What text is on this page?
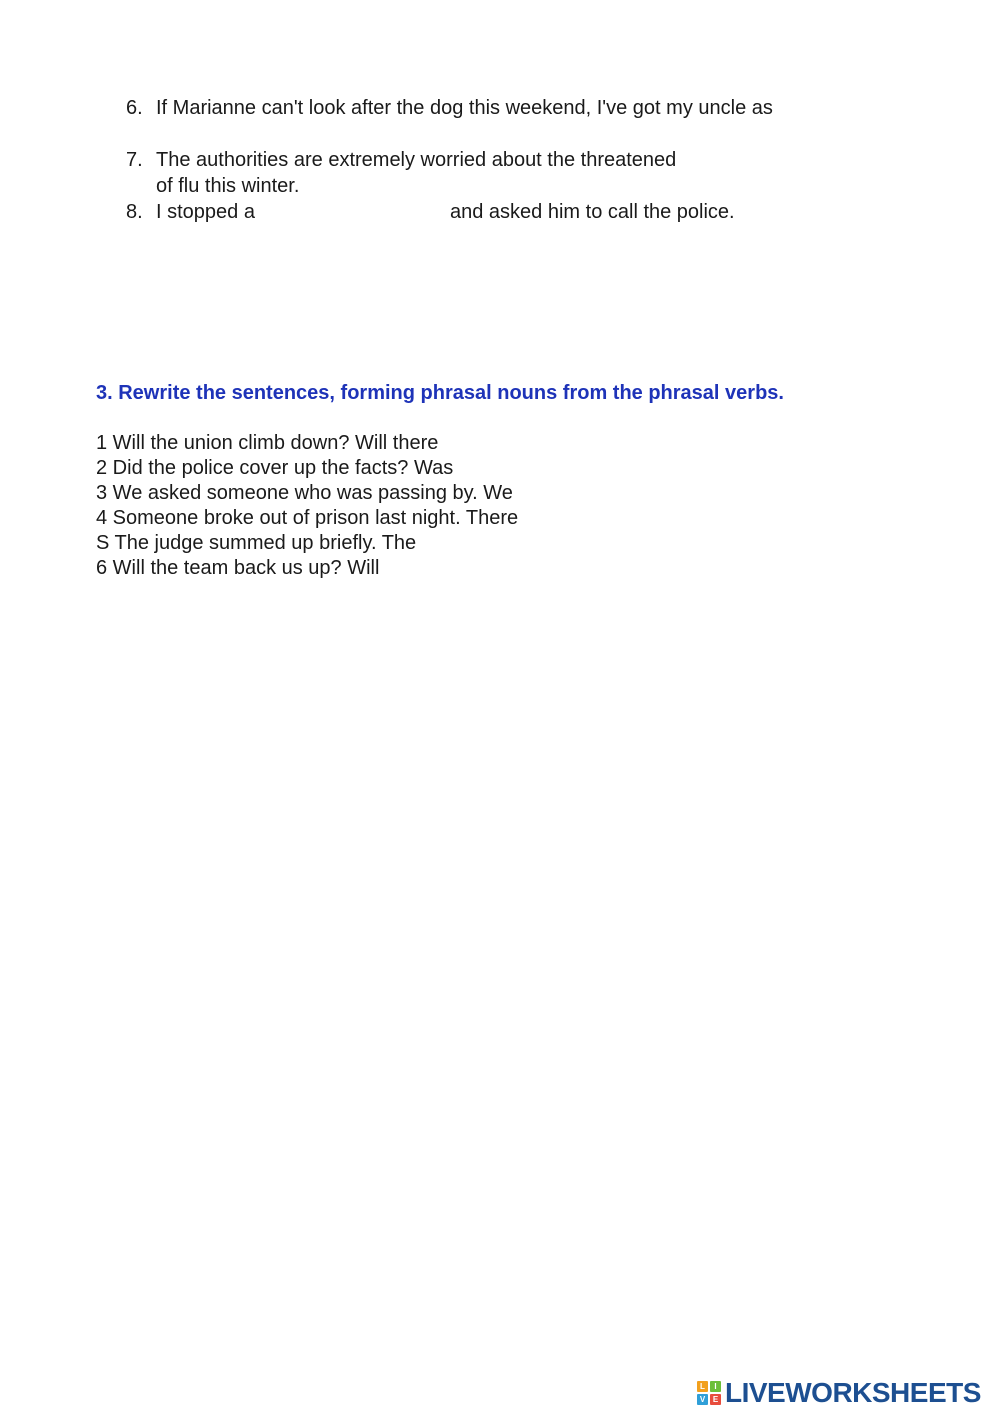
6. If Marianne can't look after the dog this weekend, I've got my uncle as
7. The authorities are extremely worried about the threatened
of flu this winter.
8. I stopped a	and asked him to call the police.
3. Rewrite the sentences, forming phrasal nouns from the phrasal verbs.
1 Will the union climb down? Will there
2 Did the police cover up the facts? Was
3 We asked someone who was passing by. We
4 Someone broke out of prison last night. There
S The judge summed up briefly. The
6 Will the team back us up? Will
L	I
V E LIVEWORKSHEETS
